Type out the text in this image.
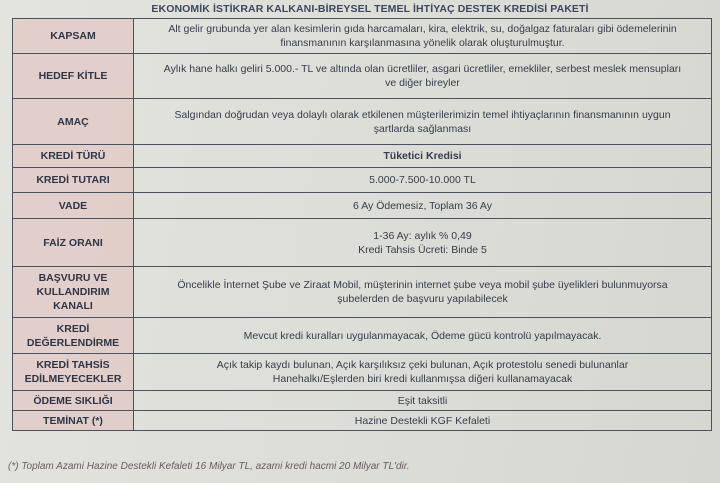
EKONOMİK İSTİKRAR KALKANI-BİREYSEL TEMEL İHTİYAÇ DESTEK KREDİSİ PAKETİ
KAPSAM	Alt gelir grubunda yer alan kesimlerin gıda harcamaları, kira, elektrik, su, doğalgaz faturaları gibi ödemelerinin
finansmanının karşılanmasına yönelik olarak oluşturulmuştur.

HEDEF KİTLE	Aylık hane halkı geliri 5.000.- TL ve altında olan ücretliler, asgari ücretliler, emekliler, serbest meslek mensupları
ve diğer bireyler

AMAÇ	Salgından doğrudan veya dolaylı olarak etkilenen müşterilerimizin temel ihtiyaçlarının finansmanının uygun
şartlarda sağlanması

KREDİ TÜRÜ	Tüketici Kredisi

KREDİ TUTARI	5.000-7.500-10.000 TL

VADE	6 Ay Ödemesiz, Toplam 36 Ay

FAİZ ORANI	1-36 Ay: aylık % 0,49
Kredi Tahsis Ücreti: Binde 5

BAŞVURU VE
KULLANDIRIM
KANALI	Öncelikle İnternet Şube ve Ziraat Mobil, müşterinin internet şube veya mobil şube üyelikleri bulunmuyorsa
şubelerden de başvuru yapılabilecek

KREDİ
DEĞERLENDİRME	Mevcut kredi kuralları uygulanmayacak, Ödeme gücü kontrolü yapılmayacak.

KREDİ TAHSİS
EDİLMEYECEKLER	Açık takip kaydı bulunan, Açık karşılıksız çeki bulunan, Açık protestolu senedi bulunanlar
Hanehalkı/Eşlerden biri kredi kullanmışsa diğeri kullanamayacak

ÖDEME SIKLIĞI	Eşit taksitli

TEMİNAT (*)	Hazine Destekli KGF Kefaleti
(*) Toplam Azami Hazine Destekli Kefaleti 16 Milyar TL, azami kredi hacmi 20 Milyar TL'dir.
